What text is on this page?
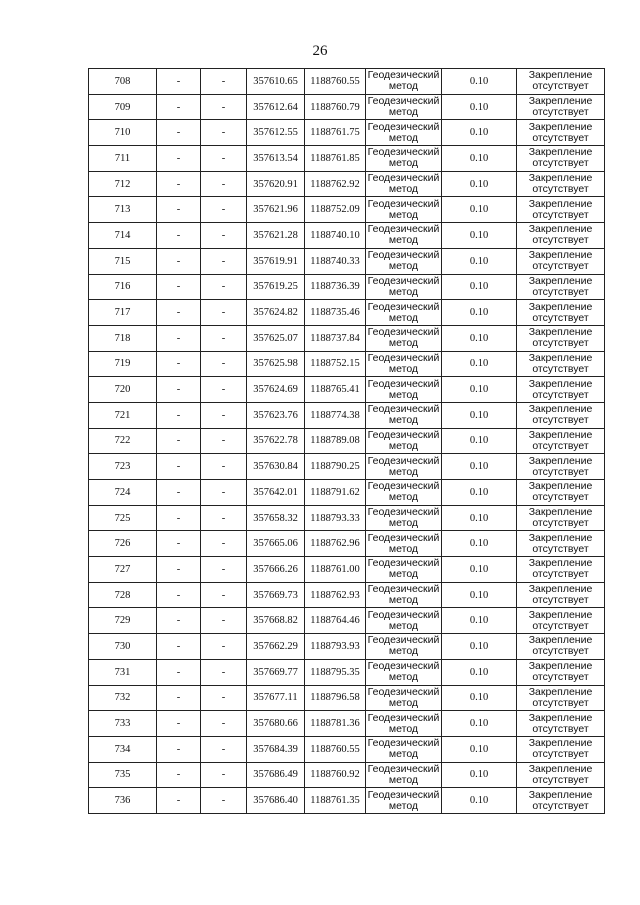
26
708	-	-	357610.65	1188760.55	Геодезический
метод	0.10	Закрепление
отсутствует

709	-	-	357612.64	1188760.79	Геодезический
метод	0.10	Закрепление
отсутствует

710	-	-	357612.55	1188761.75	Геодезический
метод	0.10	Закрепление
отсутствует

711	-	-	357613.54	1188761.85	Геодезический
метод	0.10	Закрепление
отсутствует

712	-	-	357620.91	1188762.92	Геодезический
метод	0.10	Закрепление
отсутствует

713	-	-	357621.96	1188752.09	Геодезический
метод	0.10	Закрепление
отсутствует

714	-	-	357621.28	1188740.10	Геодезический
метод	0.10	Закрепление
отсутствует

715	-	-	357619.91	1188740.33	Геодезический
метод	0.10	Закрепление
отсутствует

716	-	-	357619.25	1188736.39	Геодезический
метод	0.10	Закрепление
отсутствует

717	-	-	357624.82	1188735.46	Геодезический
метод	0.10	Закрепление
отсутствует

718	-	-	357625.07	1188737.84	Геодезический
метод	0.10	Закрепление
отсутствует

719	-	-	357625.98	1188752.15	Геодезический
метод	0.10	Закрепление
отсутствует

720	-	-	357624.69	1188765.41	Геодезический
метод	0.10	Закрепление
отсутствует

721	-	-	357623.76	1188774.38	Геодезический
метод	0.10	Закрепление
отсутствует

722	-	-	357622.78	1188789.08	Геодезический
метод	0.10	Закрепление
отсутствует

723	-	-	357630.84	1188790.25	Геодезический
метод	0.10	Закрепление
отсутствует

724	-	-	357642.01	1188791.62	Геодезический
метод	0.10	Закрепление
отсутствует

725	-	-	357658.32	1188793.33	Геодезический
метод	0.10	Закрепление
отсутствует

726	-	-	357665.06	1188762.96	Геодезический
метод	0.10	Закрепление
отсутствует

727	-	-	357666.26	1188761.00	Геодезический
метод	0.10	Закрепление
отсутствует

728	-	-	357669.73	1188762.93	Геодезический
метод	0.10	Закрепление
отсутствует

729	-	-	357668.82	1188764.46	Геодезический
метод	0.10	Закрепление
отсутствует

730	-	-	357662.29	1188793.93	Геодезический
метод	0.10	Закрепление
отсутствует

731	-	-	357669.77	1188795.35	Геодезический
метод	0.10	Закрепление
отсутствует

732	-	-	357677.11	1188796.58	Геодезический
метод	0.10	Закрепление
отсутствует

733	-	-	357680.66	1188781.36	Геодезический
метод	0.10	Закрепление
отсутствует

734	-	-	357684.39	1188760.55	Геодезический
метод	0.10	Закрепление
отсутствует

735	-	-	357686.49	1188760.92	Геодезический
метод	0.10	Закрепление
отсутствует

736	-	-	357686.40	1188761.35	Геодезический
метод	0.10	Закрепление
отсутствует
